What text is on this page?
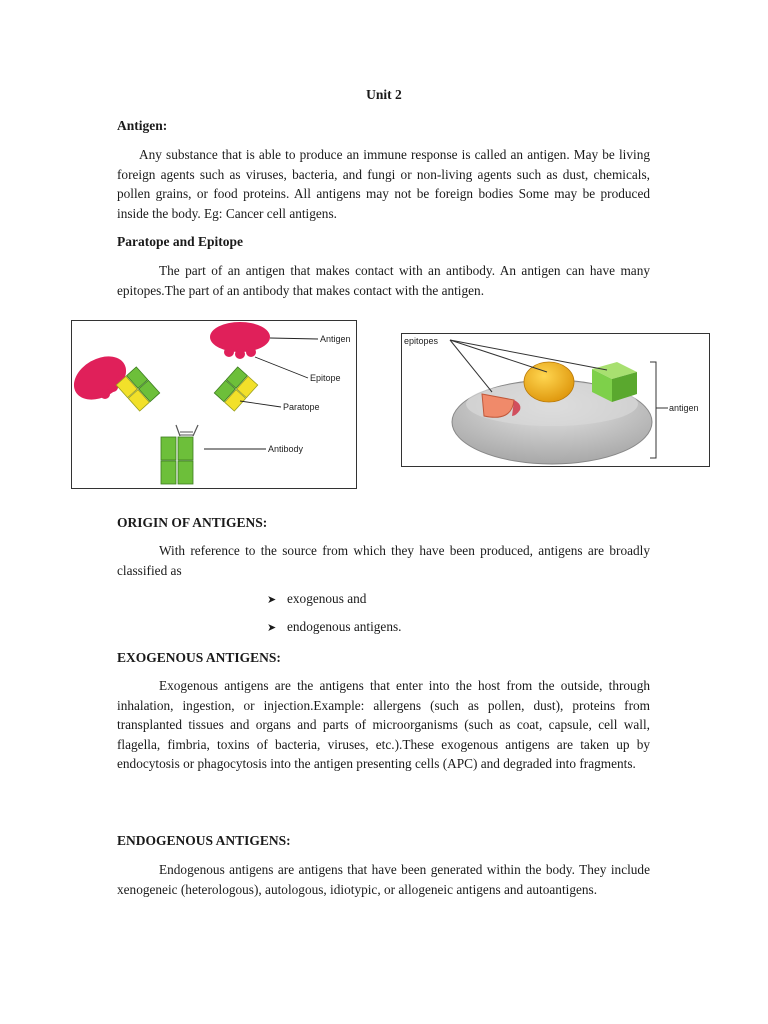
Unit 2
Antigen:

Any substance that is able to produce an immune response is called an antigen. May be living foreign agents such as viruses, bacteria, and fungi or non-living agents such as dust, chemicals, pollen grains, or food proteins. All antigens may not be foreign bodies Some may be produced inside the body. Eg: Cancer cell antigens.

Paratope and Epitope

The part of an antigen that makes contact with an antibody. An antigen can have many epitopes.The part of an antibody that makes contact with the antigen.

Antigen
Epitope
Paratope
Antibody
epitopes
antigen
ORIGIN OF ANTIGENS:

With reference to the source from which they have been produced, antigens are broadly classified as

➤ exogenous and
➤ endogenous antigens.
EXOGENOUS ANTIGENS:

Exogenous antigens are the antigens that enter into the host from the outside, through inhalation, ingestion, or injection.Example: allergens (such as pollen, dust), proteins from transplanted tissues and organs and parts of microorganisms (such as coat, capsule, cell wall, flagella, fimbria, toxins of bacteria, viruses, etc.).These exogenous antigens are taken up by endocytosis or phagocytosis into the antigen presenting cells (APC) and degraded into fragments.

ENDOGENOUS ANTIGENS:

Endogenous antigens are antigens that have been generated within the body. They include xenogeneic (heterologous), autologous, idiotypic, or allogeneic antigens and autoantigens.
